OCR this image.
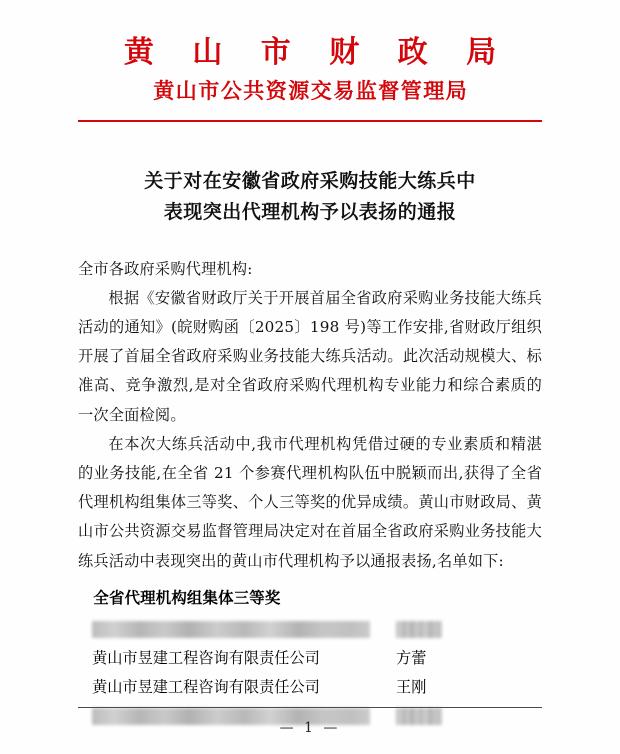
黄 山 市 财 政 局
黄山市公共资源交易监督管理局
关于对在安徽省政府采购技能大练兵中
表现突出代理机构予以表扬的通报

全市各政府采购代理机构:

根据《安徽省财政厅关于开展首届全省政府采购业务技能大练兵活动的通知》(皖财购函〔2025〕198 号)等工作安排,省财政厅组织开展了首届全省政府采购业务技能大练兵活动。此次活动规模大、标准高、竞争激烈,是对全省政府采购代理机构专业能力和综合素质的一次全面检阅。

在本次大练兵活动中,我市代理机构凭借过硬的专业素质和精湛的业务技能,在全省 21 个参赛代理机构队伍中脱颖而出,获得了全省代理机构组集体三等奖、个人三等奖的优异成绩。黄山市财政局、黄山市公共资源交易监督管理局决定对在首届全省政府采购业务技能大练兵活动中表现突出的黄山市代理机构予以通报表扬,名单如下:

全省代理机构组集体三等奖
黄山市昱建工程咨询有限责任公司	方蕾
黄山市昱建工程咨询有限责任公司	王刚
— 1 —
